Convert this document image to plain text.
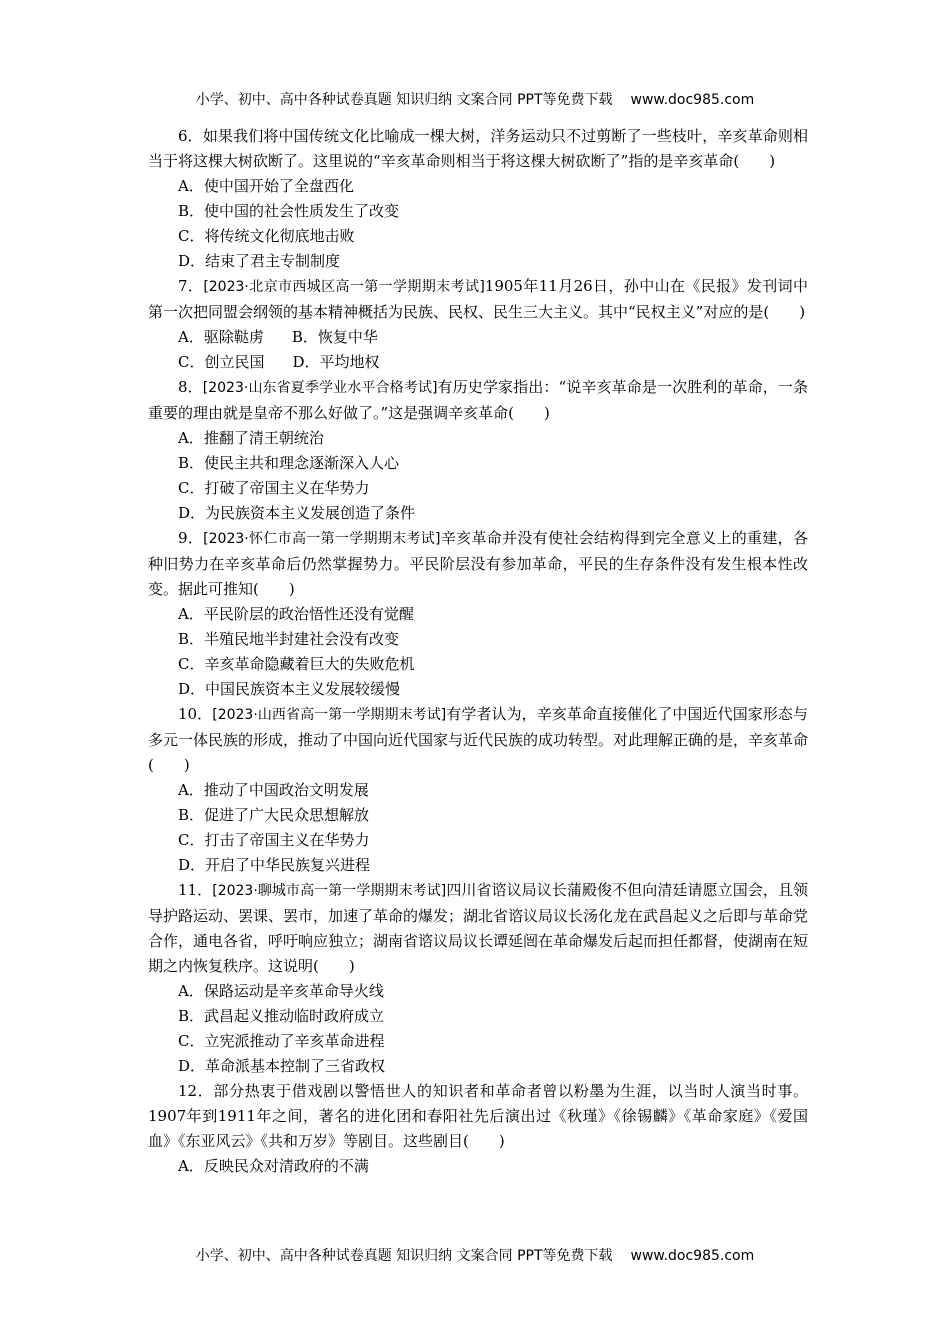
小学、初中、高中各种试卷真题 知识归纳 文案合同 PPT等免费下载 www.doc985.com

6．如果我们将中国传统文化比喻成一棵大树，洋务运动只不过剪断了一些枝叶，辛亥革命则相当于将这棵大树砍断了。这里说的“辛亥革命则相当于将这棵大树砍断了”指的是辛亥革命(　　)

A．使中国开始了全盘西化

B．使中国的社会性质发生了改变

C．将传统文化彻底地击败

D．结束了君主专制制度

7．[2023·北京市西城区高一第一学期期末考试]1905年11月26日，孙中山在《民报》发刊词中第一次把同盟会纲领的基本精神概括为民族、民权、民生三大主义。其中“民权主义”对应的是(　　)

A．驱除鞑虏 B．恢复中华

C．创立民国 D．平均地权

8．[2023·山东省夏季学业水平合格考试]有历史学家指出：“说辛亥革命是一次胜利的革命，一条重要的理由就是皇帝不那么好做了。”这是强调辛亥革命(　　)

A．推翻了清王朝统治

B．使民主共和理念逐渐深入人心

C．打破了帝国主义在华势力

D．为民族资本主义发展创造了条件

9．[2023·怀仁市高一第一学期期末考试]辛亥革命并没有使社会结构得到完全意义上的重建，各种旧势力在辛亥革命后仍然掌握势力。平民阶层没有参加革命，平民的生存条件没有发生根本性改变。据此可推知(　　)

A．平民阶层的政治悟性还没有觉醒

B．半殖民地半封建社会没有改变

C．辛亥革命隐藏着巨大的失败危机

D．中国民族资本主义发展较缓慢

10．[2023·山西省高一第一学期期末考试]有学者认为，辛亥革命直接催化了中国近代国家形态与多元一体民族的形成，推动了中国向近代国家与近代民族的成功转型。对此理解正确的是，辛亥革命(　　)

A．推动了中国政治文明发展

B．促进了广大民众思想解放

C．打击了帝国主义在华势力

D．开启了中华民族复兴进程

11．[2023·聊城市高一第一学期期末考试]四川省谘议局议长蒲殿俊不但向清廷请愿立国会，且领导护路运动、罢课、罢市，加速了革命的爆发；湖北省谘议局议长汤化龙在武昌起义之后即与革命党合作，通电各省，呼吁响应独立；湖南省谘议局议长谭延闿在革命爆发后起而担任都督，使湖南在短期之内恢复秩序。这说明(　　)

A．保路运动是辛亥革命导火线

B．武昌起义推动临时政府成立

C．立宪派推动了辛亥革命进程

D．革命派基本控制了三省政权

12．部分热衷于借戏剧以警悟世人的知识者和革命者曾以粉墨为生涯，以当时人演当时事。 1907年到1911年之间，著名的进化团和春阳社先后演出过《秋瑾》《徐锡麟》《革命家庭》《爱国血》《东亚风云》《共和万岁》等剧目。这些剧目(　　)

A．反映民众对清政府的不满

小学、初中、高中各种试卷真题 知识归纳 文案合同 PPT等免费下载 www.doc985.com
